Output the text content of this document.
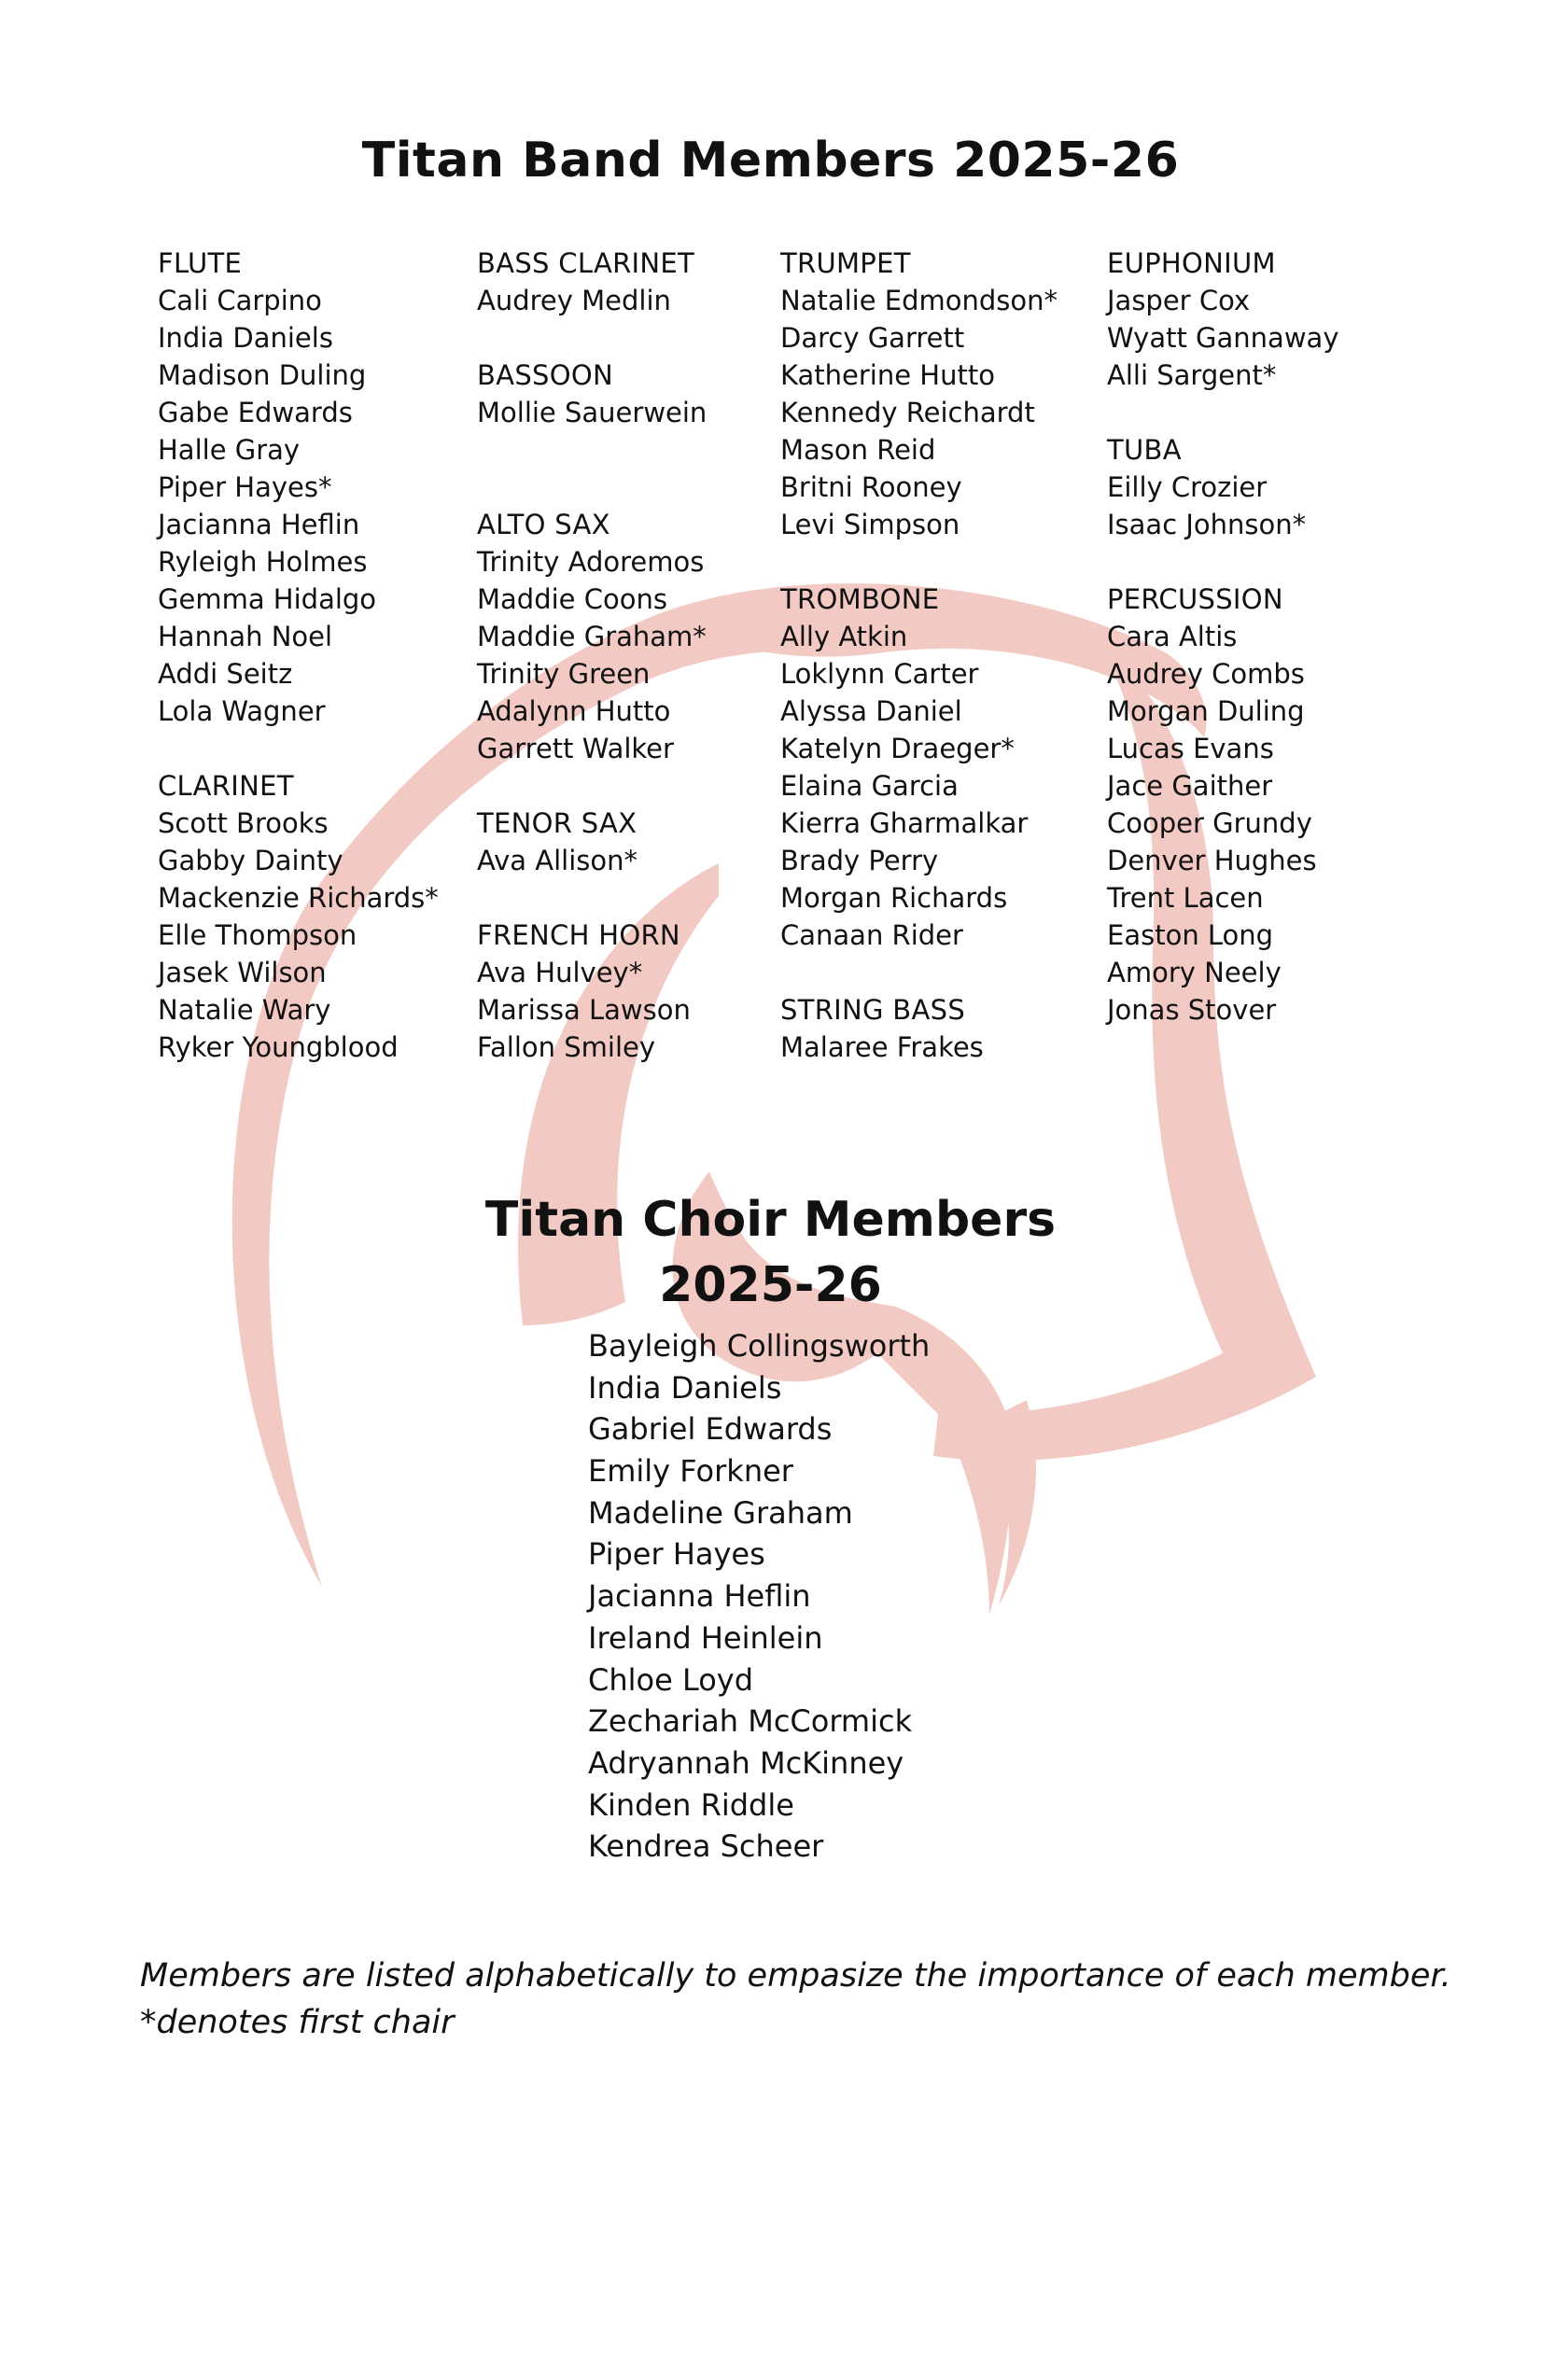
Titan Band Members 2025-26
FLUTE
Cali Carpino
India Daniels
Madison Duling
Gabe Edwards
Halle Gray
Piper Hayes*
Jacianna Heflin
Ryleigh Holmes
Gemma Hidalgo
Hannah Noel
Addi Seitz
Lola Wagner
CLARINET
Scott Brooks
Gabby Dainty
Mackenzie Richards*
Elle Thompson
Jasek Wilson
Natalie Wary
Ryker Youngblood
BASS CLARINET
Audrey Medlin
BASSOON
Mollie Sauerwein
ALTO SAX
Trinity Adoremos
Maddie Coons
Maddie Graham*
Trinity Green
Adalynn Hutto
Garrett Walker
TENOR SAX
Ava Allison*
FRENCH HORN
Ava Hulvey*
Marissa Lawson
Fallon Smiley
TRUMPET
Natalie Edmondson*
Darcy Garrett
Katherine Hutto
Kennedy Reichardt
Mason Reid
Britni Rooney
Levi Simpson
TROMBONE
Ally Atkin
Loklynn Carter
Alyssa Daniel
Katelyn Draeger*
Elaina Garcia
Kierra Gharmalkar
Brady Perry
Morgan Richards
Canaan Rider
STRING BASS
Malaree Frakes
EUPHONIUM
Jasper Cox
Wyatt Gannaway
Alli Sargent*
TUBA
Eilly Crozier
Isaac Johnson*
PERCUSSION
Cara Altis
Audrey Combs
Morgan Duling
Lucas Evans
Jace Gaither
Cooper Grundy
Denver Hughes
Trent Lacen
Easton Long
Amory Neely
Jonas Stover
Titan Choir Members
2025-26
Bayleigh Collingsworth
India Daniels
Gabriel Edwards
Emily Forkner
Madeline Graham
Piper Hayes
Jacianna Heflin
Ireland Heinlein
Chloe Loyd
Zechariah McCormick
Adryannah McKinney
Kinden Riddle
Kendrea Scheer
Members are listed alphabetically to empasize the importance of each member.
*denotes first chair
